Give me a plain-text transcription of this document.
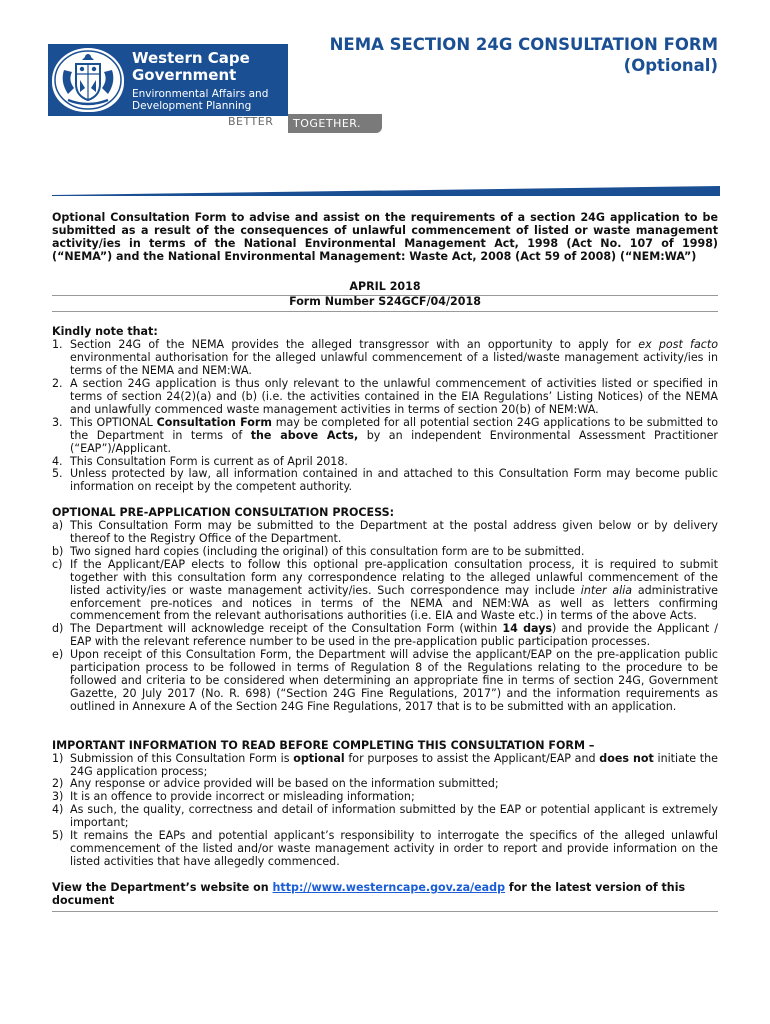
Western Cape
Government
Environmental Affairs and
Development Planning
BETTER	TOGETHER.
NEMA SECTION 24G CONSULTATION FORM
(Optional)

Optional Consultation Form to advise and assist on the requirements of a section 24G application to be submitted as a result of the consequences of unlawful commencement of listed or waste management activity/ies in terms of the National Environmental Management Act, 1998 (Act No. 107 of 1998) (“NEMA”) and the National Environmental Management: Waste Act, 2008 (Act 59 of 2008) (“NEM:WA”)

APRIL 2018

Form Number S24GCF/04/2018

Kindly note that:

1. Section 24G of the NEMA provides the alleged transgressor with an opportunity to apply for ex post facto environmental authorisation for the alleged unlawful commencement of a listed/waste management activity/ies in terms of the NEMA and NEM:WA.
2. A section 24G application is thus only relevant to the unlawful commencement of activities listed or specified in terms of section 24(2)(a) and (b) (i.e. the activities contained in the EIA Regulations’ Listing Notices) of the NEMA and unlawfully commenced waste management activities in terms of section 20(b) of NEM:WA.
3. This OPTIONAL Consultation Form may be completed for all potential section 24G applications to be submitted to the Department in terms of the above Acts, by an independent Environmental Assessment Practitioner (“EAP”)/Applicant.
4. This Consultation Form is current as of April 2018.
5. Unless protected by law, all information contained in and attached to this Consultation Form may become public information on receipt by the competent authority.

OPTIONAL PRE-APPLICATION CONSULTATION PROCESS:

a) This Consultation Form may be submitted to the Department at the postal address given below or by delivery thereof to the Registry Office of the Department.
b) Two signed hard copies (including the original) of this consultation form are to be submitted.
c) If the Applicant/EAP elects to follow this optional pre-application consultation process, it is required to submit together with this consultation form any correspondence relating to the alleged unlawful commencement of the listed activity/ies or waste management activity/ies. Such correspondence may include inter alia administrative enforcement pre-notices and notices in terms of the NEMA and NEM:WA as well as letters confirming commencement from the relevant authorisations authorities (i.e. EIA and Waste etc.) in terms of the above Acts.
d) The Department will acknowledge receipt of the Consultation Form (within 14 days) and provide the Applicant / EAP with the relevant reference number to be used in the pre-application public participation processes.
e) Upon receipt of this Consultation Form, the Department will advise the applicant/EAP on the pre-application public participation process to be followed in terms of Regulation 8 of the Regulations relating to the procedure to be followed and criteria to be considered when determining an appropriate fine in terms of section 24G, Government Gazette, 20 July 2017 (No. R. 698) (“Section 24G Fine Regulations, 2017”) and the information requirements as outlined in Annexure A of the Section 24G Fine Regulations, 2017 that is to be submitted with an application.

IMPORTANT INFORMATION TO READ BEFORE COMPLETING THIS CONSULTATION FORM –

1) Submission of this Consultation Form is optional for purposes to assist the Applicant/EAP and does not initiate the 24G application process;
2) Any response or advice provided will be based on the information submitted;
3) It is an offence to provide incorrect or misleading information;
4) As such, the quality, correctness and detail of information submitted by the EAP or potential applicant is extremely important;
5) It remains the EAPs and potential applicant’s responsibility to interrogate the specifics of the alleged unlawful commencement of the listed and/or waste management activity in order to report and provide information on the listed activities that have allegedly commenced.

View the Department’s website on http://www.westerncape.gov.za/eadp for the latest version of this document
